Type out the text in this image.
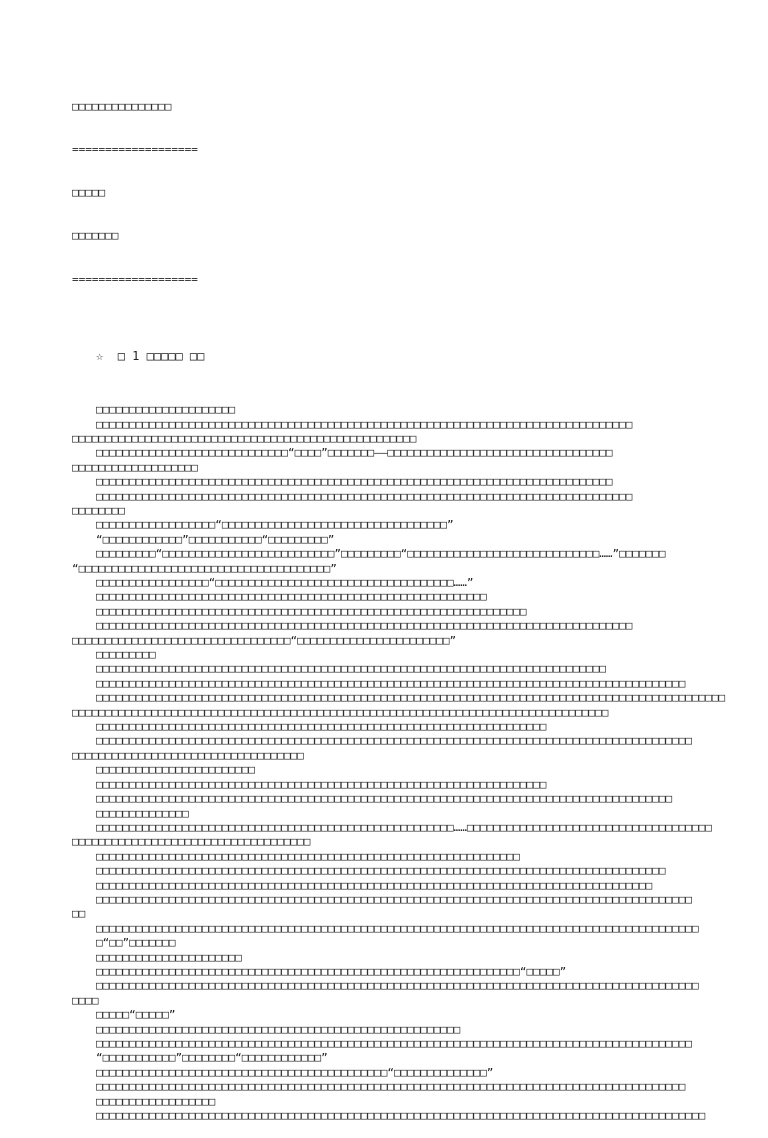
□□□□□□□□□□□□□□□

===================

□□□□□

□□□□□□□

===================

☆ □ 1 □□□□□ □□

□□□□□□□□□□□□□□□□□□□□□
□□□□□□□□□□□□□□□□□□□□□□□□□□□□□□□□□□□□□□□□□□□□□□□□□□□□□□□□□□□□□□□□□□□□□□□□□□□□□□□□□
□□□□□□□□□□□□□□□□□□□□□□□□□□□□□□□□□□□□□□□□□□□□□□□□□□□□
□□□□□□□□□□□□□□□□□□□□□□□□□□□□□“□□□□”□□□□□□□——□□□□□□□□□□□□□□□□□□□□□□□□□□□□□□□□□□
□□□□□□□□□□□□□□□□□□□
□□□□□□□□□□□□□□□□□□□□□□□□□□□□□□□□□□□□□□□□□□□□□□□□□□□□□□□□□□□□□□□□□□□□□□□□□□□□□□
□□□□□□□□□□□□□□□□□□□□□□□□□□□□□□□□□□□□□□□□□□□□□□□□□□□□□□□□□□□□□□□□□□□□□□□□□□□□□□□□□
□□□□□□□□
□□□□□□□□□□□□□□□□□□“□□□□□□□□□□□□□□□□□□□□□□□□□□□□□□□□□□”
“□□□□□□□□□□□□”□□□□□□□□□□□“□□□□□□□□□”
□□□□□□□□□“□□□□□□□□□□□□□□□□□□□□□□□□□□”□□□□□□□□□“□□□□□□□□□□□□□□□□□□□□□□□□□□□□□……”□□□□□□□
“□□□□□□□□□□□□□□□□□□□□□□□□□□□□□□□□□□□□□□”
□□□□□□□□□□□□□□□□□“□□□□□□□□□□□□□□□□□□□□□□□□□□□□□□□□□□□□……”
□□□□□□□□□□□□□□□□□□□□□□□□□□□□□□□□□□□□□□□□□□□□□□□□□□□□□□□□□□□
□□□□□□□□□□□□□□□□□□□□□□□□□□□□□□□□□□□□□□□□□□□□□□□□□□□□□□□□□□□□□□□□□
□□□□□□□□□□□□□□□□□□□□□□□□□□□□□□□□□□□□□□□□□□□□□□□□□□□□□□□□□□□□□□□□□□□□□□□□□□□□□□□□□
□□□□□□□□□□□□□□□□□□□□□□□□□□□□□□□□□“□□□□□□□□□□□□□□□□□□□□□□□”
□□□□□□□□□
□□□□□□□□□□□□□□□□□□□□□□□□□□□□□□□□□□□□□□□□□□□□□□□□□□□□□□□□□□□□□□□□□□□□□□□□□□□□□
□□□□□□□□□□□□□□□□□□□□□□□□□□□□□□□□□□□□□□□□□□□□□□□□□□□□□□□□□□□□□□□□□□□□□□□□□□□□□□□□□□□□□□□□□
□□□□□□□□□□□□□□□□□□□□□□□□□□□□□□□□□□□□□□□□□□□□□□□□□□□□□□□□□□□□□□□□□□□□□□□□□□□□□□□□□□□□□□□□□□□□□□□
□□□□□□□□□□□□□□□□□□□□□□□□□□□□□□□□□□□□□□□□□□□□□□□□□□□□□□□□□□□□□□□□□□□□□□□□□□□□□□□□□
□□□□□□□□□□□□□□□□□□□□□□□□□□□□□□□□□□□□□□□□□□□□□□□□□□□□□□□□□□□□□□□□□□□□
□□□□□□□□□□□□□□□□□□□□□□□□□□□□□□□□□□□□□□□□□□□□□□□□□□□□□□□□□□□□□□□□□□□□□□□□□□□□□□□□□□□□□□□□□□
□□□□□□□□□□□□□□□□□□□□□□□□□□□□□□□□□□□
□□□□□□□□□□□□□□□□□□□□□□□□
□□□□□□□□□□□□□□□□□□□□□□□□□□□□□□□□□□□□□□□□□□□□□□□□□□□□□□□□□□□□□□□□□□□□
□□□□□□□□□□□□□□□□□□□□□□□□□□□□□□□□□□□□□□□□□□□□□□□□□□□□□□□□□□□□□□□□□□□□□□□□□□□□□□□□□□□□□□□
□□□□□□□□□□□□□□
□□□□□□□□□□□□□□□□□□□□□□□□□□□□□□□□□□□□□□□□□□□□□□□□□□□□□□……□□□□□□□□□□□□□□□□□□□□□□□□□□□□□□□□□□□□□
□□□□□□□□□□□□□□□□□□□□□□□□□□□□□□□□□□□□
□□□□□□□□□□□□□□□□□□□□□□□□□□□□□□□□□□□□□□□□□□□□□□□□□□□□□□□□□□□□□□□□
□□□□□□□□□□□□□□□□□□□□□□□□□□□□□□□□□□□□□□□□□□□□□□□□□□□□□□□□□□□□□□□□□□□□□□□□□□□□□□□□□□□□□□
□□□□□□□□□□□□□□□□□□□□□□□□□□□□□□□□□□□□□□□□□□□□□□□□□□□□□□□□□□□□□□□□□□□□□□□□□□□□□□□□□□□□
□□□□□□□□□□□□□□□□□□□□□□□□□□□□□□□□□□□□□□□□□□□□□□□□□□□□□□□□□□□□□□□□□□□□□□□□□□□□□□□□□□□□□□□□□□
□□
□□□□□□□□□□□□□□□□□□□□□□□□□□□□□□□□□□□□□□□□□□□□□□□□□□□□□□□□□□□□□□□□□□□□□□□□□□□□□□□□□□□□□□□□□□□
□“□□”□□□□□□□
□□□□□□□□□□□□□□□□□□□□□□
□□□□□□□□□□□□□□□□□□□□□□□□□□□□□□□□□□□□□□□□□□□□□□□□□□□□□□□□□□□□□□□□“□□□□□”
□□□□□□□□□□□□□□□□□□□□□□□□□□□□□□□□□□□□□□□□□□□□□□□□□□□□□□□□□□□□□□□□□□□□□□□□□□□□□□□□□□□□□□□□□□□
□□□□
□□□□□“□□□□□”
□□□□□□□□□□□□□□□□□□□□□□□□□□□□□□□□□□□□□□□□□□□□□□□□□□□□□□□
□□□□□□□□□□□□□□□□□□□□□□□□□□□□□□□□□□□□□□□□□□□□□□□□□□□□□□□□□□□□□□□□□□□□□□□□□□□□□□□□□□□□□□□□□□
“□□□□□□□□□□□”□□□□□□□□“□□□□□□□□□□□□”
□□□□□□□□□□□□□□□□□□□□□□□□□□□□□□□□□□□□□□□□□□□□“□□□□□□□□□□□□□□”
□□□□□□□□□□□□□□□□□□□□□□□□□□□□□□□□□□□□□□□□□□□□□□□□□□□□□□□□□□□□□□□□□□□□□□□□□□□□□□□□□□□□□□□□□
□□□□□□□□□□□□□□□□□□
□□□□□□□□□□□□□□□□□□□□□□□□□□□□□□□□□□□□□□□□□□□□□□□□□□□□□□□□□□□□□□□□□□□□□□□□□□□□□□□□□□□□□□□□□□□□
